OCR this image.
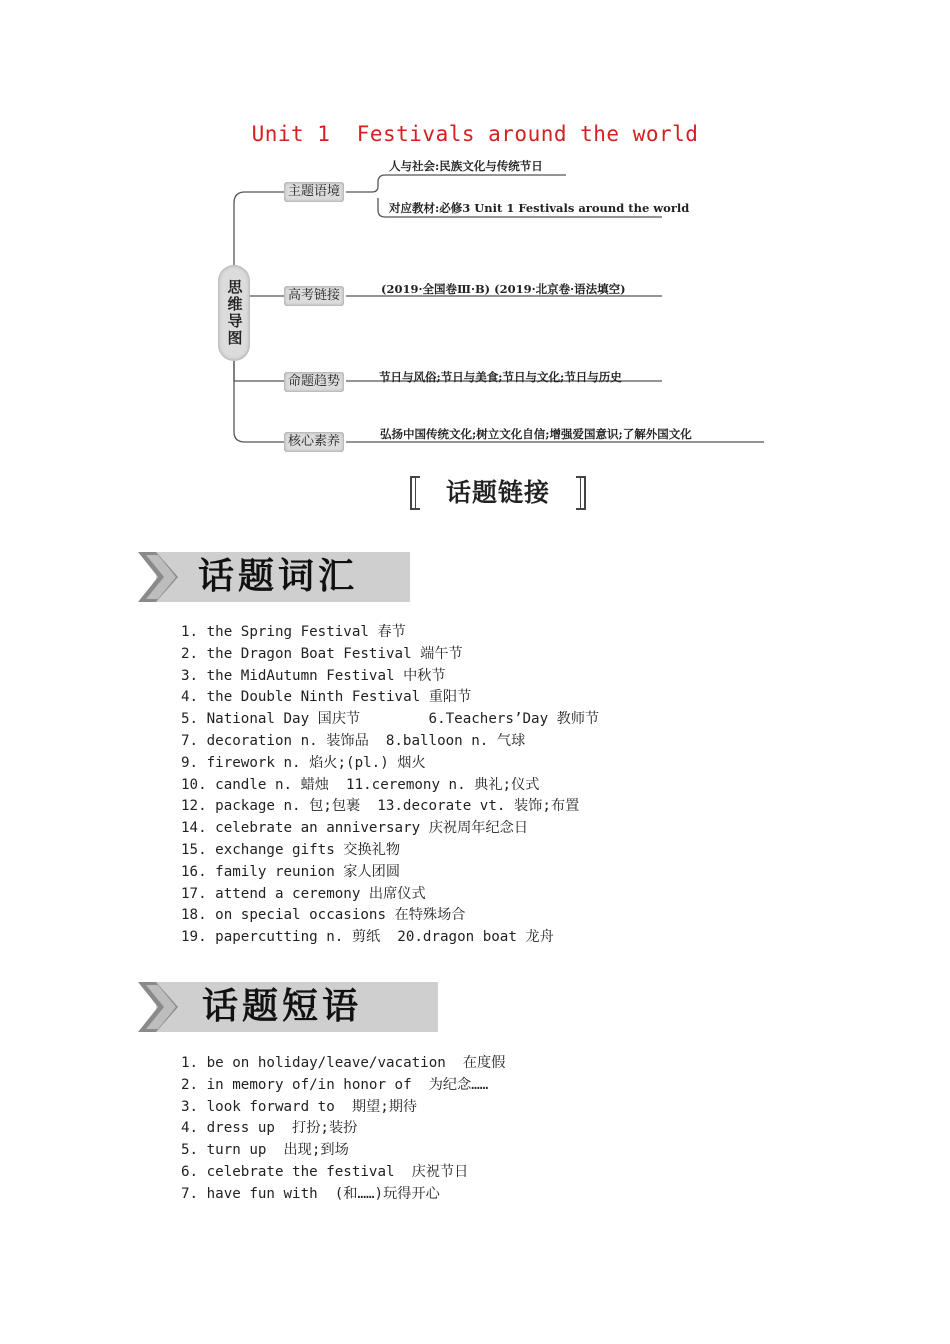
Unit 1  Festivals around the world
思维导图
主题语境
人与社会:民族文化与传统节日
对应教材:必修3 Unit 1 Festivals around the world
高考链接	(2019·全国卷Ⅲ·B) (2019·北京卷·语法填空)
命题趋势	节日与风俗;节日与美食;节日与文化;节日与历史
核心素养	弘扬中国传统文化;树立文化自信;增强爱国意识;了解外国文化
话题链接
话题词汇
1. the Spring Festival 春节
2. the Dragon Boat Festival 端午节
3. the MidAutumn Festival 中秋节
4. the Double Ninth Festival 重阳节
5. National Day 国庆节        6.Teachers’Day 教师节
7. decoration n. 装饰品  8.balloon n. 气球
9. firework n. 焰火;(pl.) 烟火
10. candle n. 蜡烛  11.ceremony n. 典礼;仪式
12. package n. 包;包裹  13.decorate vt. 装饰;布置
14. celebrate an anniversary 庆祝周年纪念日
15. exchange gifts 交换礼物
16. family reunion 家人团圆
17. attend a ceremony 出席仪式
18. on special occasions 在特殊场合
19. papercutting n. 剪纸  20.dragon boat 龙舟
话题短语
1. be on holiday/leave/vacation  在度假
2. in memory of/in honor of  为纪念……
3. look forward to  期望;期待
4. dress up  打扮;装扮
5. turn up  出现;到场
6. celebrate the festival  庆祝节日
7. have fun with  (和……)玩得开心
